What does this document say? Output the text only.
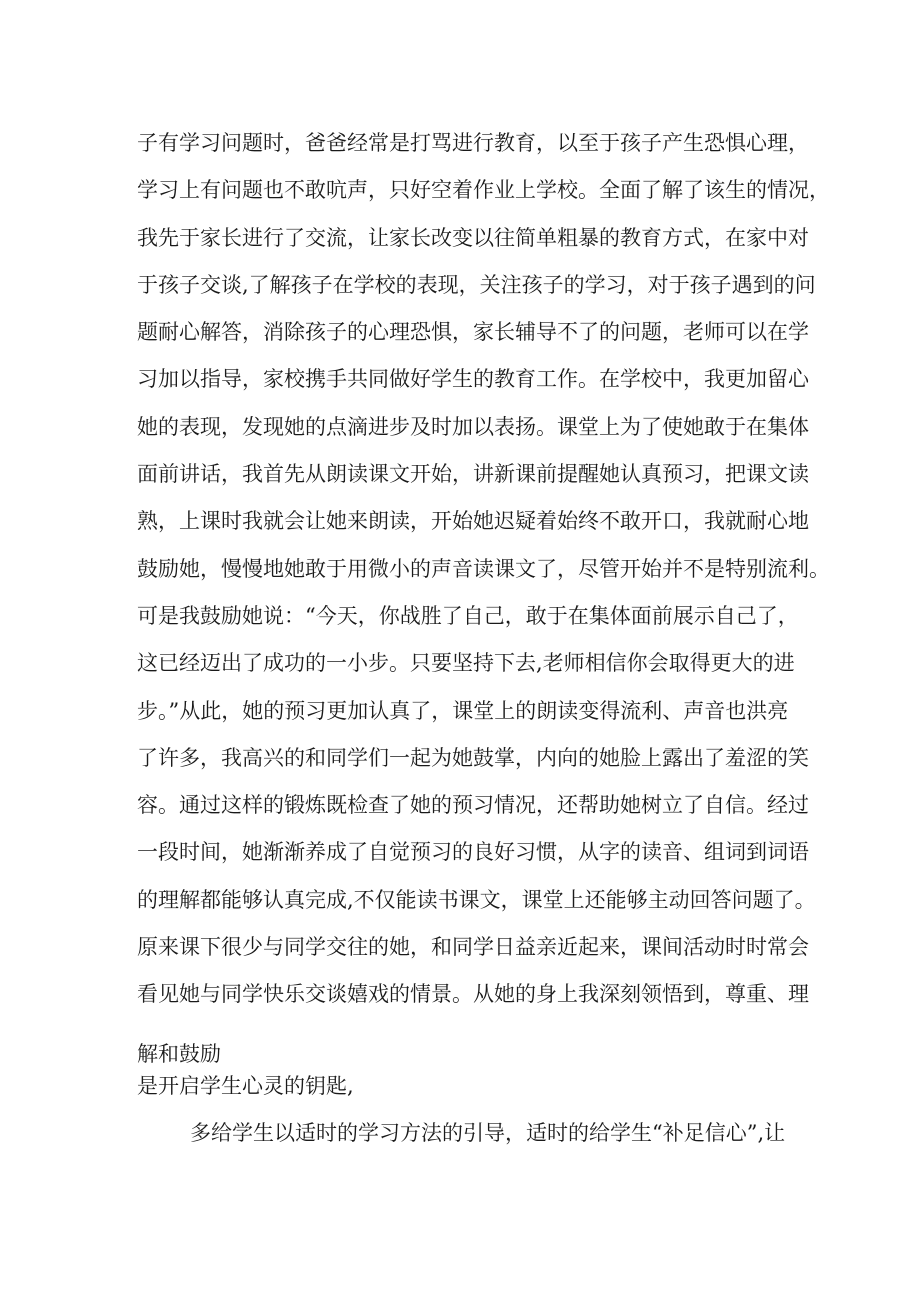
子有学习问题时，爸爸经常是打骂进行教育，以至于孩子产生恐惧心理，
学习上有问题也不敢吭声，只好空着作业上学校。全面了解了该生的情况，
我先于家长进行了交流，让家长改变以往简单粗暴的教育方式，在家中对
于孩子交谈,了解孩子在学校的表现，关注孩子的学习，对于孩子遇到的问
题耐心解答，消除孩子的心理恐惧，家长辅导不了的问题，老师可以在学
习加以指导，家校携手共同做好学生的教育工作。在学校中，我更加留心
她的表现，发现她的点滴进步及时加以表扬。课堂上为了使她敢于在集体
面前讲话，我首先从朗读课文开始，讲新课前提醒她认真预习，把课文读
熟，上课时我就会让她来朗读，开始她迟疑着始终不敢开口，我就耐心地
鼓励她，慢慢地她敢于用微小的声音读课文了，尽管开始并不是特别流利。
可是我鼓励她说：“今天，你战胜了自己，敢于在集体面前展示自己了，
这已经迈出了成功的一小步。只要坚持下去,老师相信你会取得更大的进
步。”从此，她的预习更加认真了，课堂上的朗读变得流利、声音也洪亮
了许多，我高兴的和同学们一起为她鼓掌，内向的她脸上露出了羞涩的笑
容。通过这样的锻炼既检查了她的预习情况，还帮助她树立了自信。经过
一段时间，她渐渐养成了自觉预习的良好习惯，从字的读音、组词到词语
的理解都能够认真完成,不仅能读书课文，课堂上还能够主动回答问题了。
原来课下很少与同学交往的她，和同学日益亲近起来，课间活动时时常会
看见她与同学快乐交谈嬉戏的情景。从她的身上我深刻领悟到，尊重、理
解和鼓励
是开启学生心灵的钥匙,
多给学生以适时的学习方法的引导，适时的给学生“补足信心”,让
